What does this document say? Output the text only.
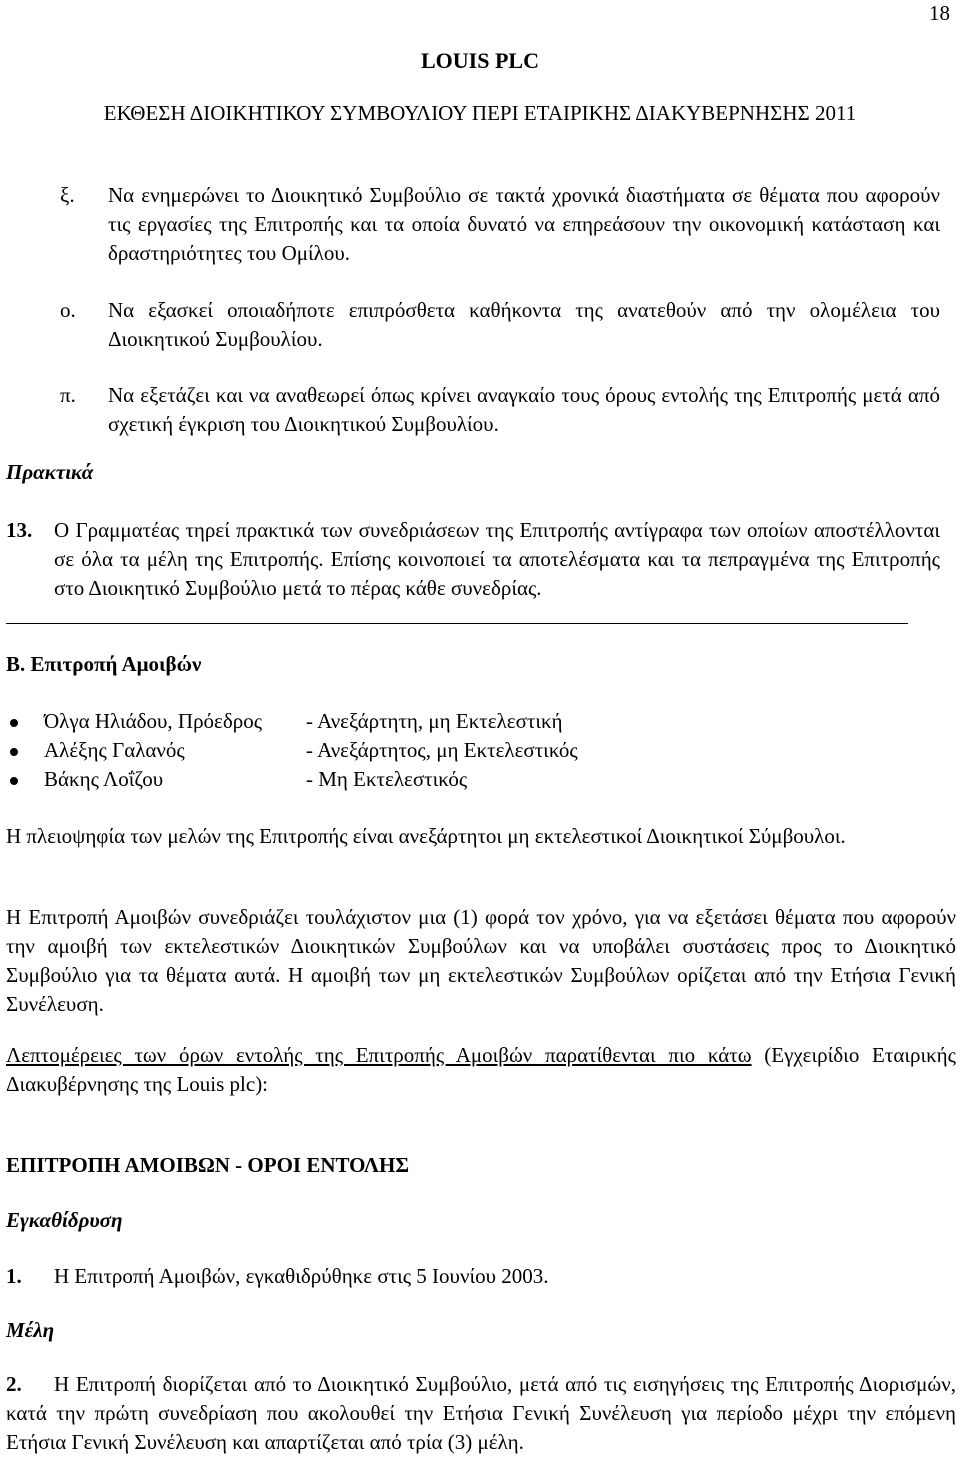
18
LOUIS PLC
ΕΚΘΕΣΗ ΔΙΟΙΚΗΤΙΚΟΥ ΣΥΜΒΟΥΛΙΟΥ ΠΕΡΙ ΕΤΑΙΡΙΚΗΣ ΔΙΑΚΥΒΕΡΝΗΣΗΣ 2011
ξ. Να ενημερώνει το Διοικητικό Συμβούλιο σε τακτά χρονικά διαστήματα σε θέματα που αφορούν τις εργασίες της Επιτροπής και τα οποία δυνατό να επηρεάσουν την οικονομική κατάσταση και δραστηριότητες του Ομίλου.
ο. Να εξασκεί οποιαδήποτε επιπρόσθετα καθήκοντα της ανατεθούν από την ολομέλεια του Διοικητικού Συμβουλίου.
π. Να εξετάζει και να αναθεωρεί όπως κρίνει αναγκαίο τους όρους εντολής της Επιτροπής μετά από σχετική έγκριση του Διοικητικού Συμβουλίου.
Πρακτικά
13. Ο Γραμματέας τηρεί πρακτικά των συνεδριάσεων της Επιτροπής αντίγραφα των οποίων αποστέλλονται σε όλα τα μέλη της Επιτροπής. Επίσης κοινοποιεί τα αποτελέσματα και τα πεπραγμένα της Επιτροπής στο Διοικητικό Συμβούλιο μετά το πέρας κάθε συνεδρίας.
Β. Επιτροπή Αμοιβών
Όλγα Ηλιάδου, Πρόεδρος - Ανεξάρτητη, μη Εκτελεστική
Αλέξης Γαλανός	- Ανεξάρτητος, μη Εκτελεστικός
Βάκης Λοΐζου	- Μη Εκτελεστικός
Η πλειοψηφία των μελών της Επιτροπής είναι ανεξάρτητοι μη εκτελεστικοί Διοικητικοί Σύμβουλοι.
Η Επιτροπή Αμοιβών συνεδριάζει τουλάχιστον μια (1) φορά τον χρόνο, για να εξετάσει θέματα που αφορούν την αμοιβή των εκτελεστικών Διοικητικών Συμβούλων και να υποβάλει συστάσεις προς το Διοικητικό Συμβούλιο για τα θέματα αυτά. Η αμοιβή των μη εκτελεστικών Συμβούλων ορίζεται από την Ετήσια Γενική Συνέλευση.
Λεπτομέρειες των όρων εντολής της Επιτροπής Αμοιβών παρατίθενται πιο κάτω (Εγχειρίδιο Εταιρικής Διακυβέρνησης της Louis plc):
ΕΠΙΤΡΟΠΗ ΑΜΟΙΒΩΝ - ΟΡΟΙ ΕΝΤΟΛΗΣ
Εγκαθίδρυση
1. Η Επιτροπή Αμοιβών, εγκαθιδρύθηκε στις 5 Ιουνίου 2003.
Μέλη
2.	Η Επιτροπή διορίζεται από το Διοικητικό Συμβούλιο, μετά από τις εισηγήσεις της Επιτροπής Διορισμών, κατά την πρώτη συνεδρίαση που ακολουθεί την Ετήσια Γενική Συνέλευση για περίοδο μέχρι την επόμενη Ετήσια Γενική Συνέλευση και απαρτίζεται από τρία (3) μέλη.
